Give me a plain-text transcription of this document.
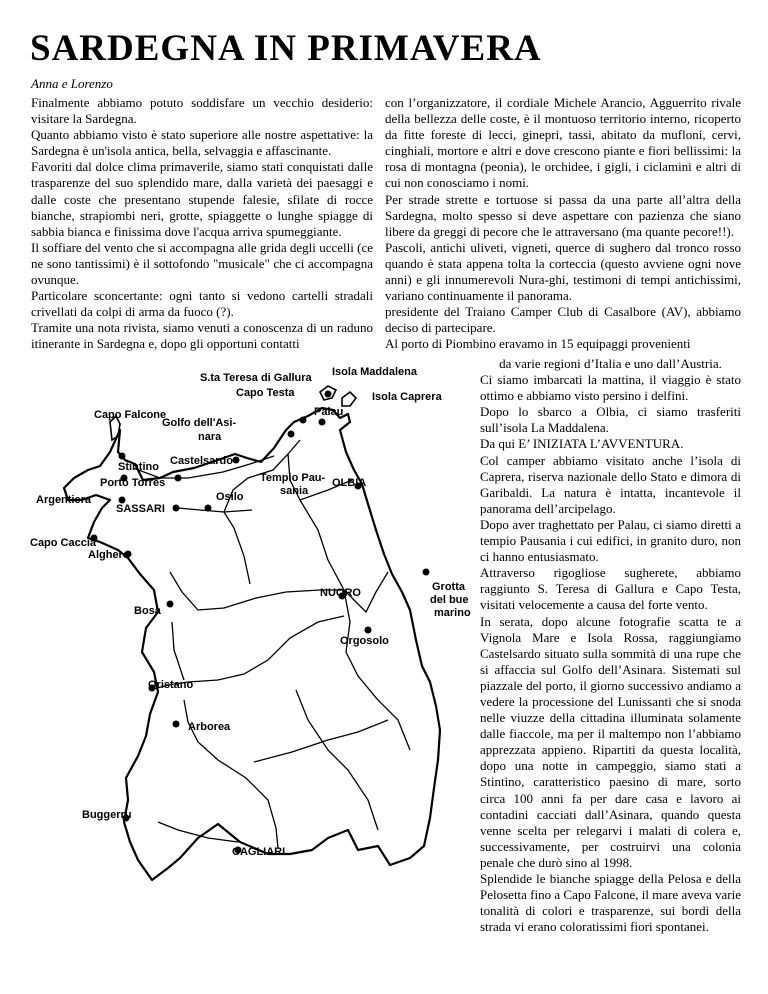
SARDEGNA IN PRIMAVERA
Anna e Lorenzo

Finalmente abbiamo potuto soddisfare un vecchio desiderio: visitare la Sardegna.

Quanto abbiamo visto è stato superiore alle nostre aspettative: la Sardegna è un'isola antica, bella, selvaggia e affascinante.

Favoriti dal dolce clima primaverile, siamo stati conquistati dalle trasparenze del suo splendido mare, dalla varietà dei paesaggi e dalle coste che presentano stupende falesie, sfilate di rocce bianche, strapiombi neri, grotte, spiaggette o lunghe spiagge di sabbia bianca e finissima dove l'acqua arriva spumeggiante.

Il soffiare del vento che si accompagna alle grida degli uccelli (ce ne sono tantissimi) è il sottofondo "musicale" che ci accompagna ovunque.

Particolare sconcertante: ogni tanto si vedono cartelli stradali crivellati da colpi di arma da fuoco (?).

Tramite una nota rivista, siamo venuti a conoscenza di un raduno itinerante in Sardegna e, dopo gli opportuni contatti

con l’organizzatore, il cordiale Michele Arancio, Agguerrito rivale della bellezza delle coste, è il montuoso territorio interno, ricoperto da fitte foreste di lecci, ginepri, tassi, abitato da mufloni, cervi, cinghiali, mortore e altri e dove crescono piante e fiori bellissimi: la rosa di montagna (peonia), le orchidee, i gigli, i ciclamini e altri di cui non conosciamo i nomi.

Per strade strette e tortuose si passa da una parte all’altra della Sardegna, molto spesso si deve aspettare con pazienza che siano libere da greggi di pecore che le attraversano (ma quante pecore!!).

Pascoli, antichi uliveti, vigneti, querce di sughero dal tronco rosso quando è stata appena tolta la corteccia (questo avviene ogni nove anni) e gli innumerevoli Nura-ghi, testimoni di tempi antichissimi, variano continuamente il panorama.

presidente del Traiano Camper Club di Casalbore (AV), abbiamo deciso di partecipare.

Al porto di Piombino eravamo in 15 equipaggi provenienti

da varie regioni d’Italia e uno dall’Austria.

Ci siamo imbarcati la mattina, il viaggio è stato ottimo e abbiamo visto persino i delfini.

Dopo lo sbarco a Olbia, ci siamo trasferiti sull’isola La Maddalena.

Da qui E’ INIZIATA L’AVVENTURA.

Col camper abbiamo visitato anche l’isola di Caprera, riserva nazionale dello Stato e dimora di Garibaldi. La natura è intatta, incantevole il panorama dell’arcipelago.

Dopo aver traghettato per Palau, ci siamo diretti a tempio Pausania i cui edifici, in granito duro, non ci hanno entusiasmato.

Attraverso rigogliose sugherete, abbiamo raggiunto S. Teresa di Gallura e Capo Testa, visitati velocemente a causa del forte vento.

In serata, dopo alcune fotografie scatta te a Vignola Mare e Isola Rossa, raggiungiamo Castelsardo situato sulla sommità di una rupe che si affaccia sul Golfo dell’Asinara. Sistemati sul piazzale del porto, il giorno successivo andiamo a vedere la processione del Lunissanti che si snoda nelle viuzze della cittadina illuminata solamente dalle fiaccole, ma per il maltempo non l’abbiamo apprezzata appieno. Ripartiti da questa località, dopo una notte in campeggio, siamo stati a Stintino, caratteristico paesino di mare, sorto circa 100 anni fa per dare casa e lavoro ai contadini cacciati dall’Asinara, quando questa venne scelta per relegarvi i malati di colera e, successivamente, per costruirvi una colonia penale che durò sino al 1998.

Splendide le bianche spiagge della Pelosa e della Pelosetta fino a Capo Falcone, il mare aveva varie tonalità di colori e trasparenze, sui bordi della strada vi erano coloratissimi fiori spontanei.

S.ta Teresa di Gallura
Capo Testa
Isola Maddalena
Isola Caprera
Capo Falcone
Golfo dell'Asi-
nara
Palau
Stintino Castelsardo
Porto Torres	OLBIA
Tempio Pau-
sania
Argentiera
SASSARI
Osilo
Capo Caccia
Alghero
Grotta
del bue
marino
NUORO
Bosa
Orgosolo
Oristano
Arborea
Buggerru
CAGLIARI
